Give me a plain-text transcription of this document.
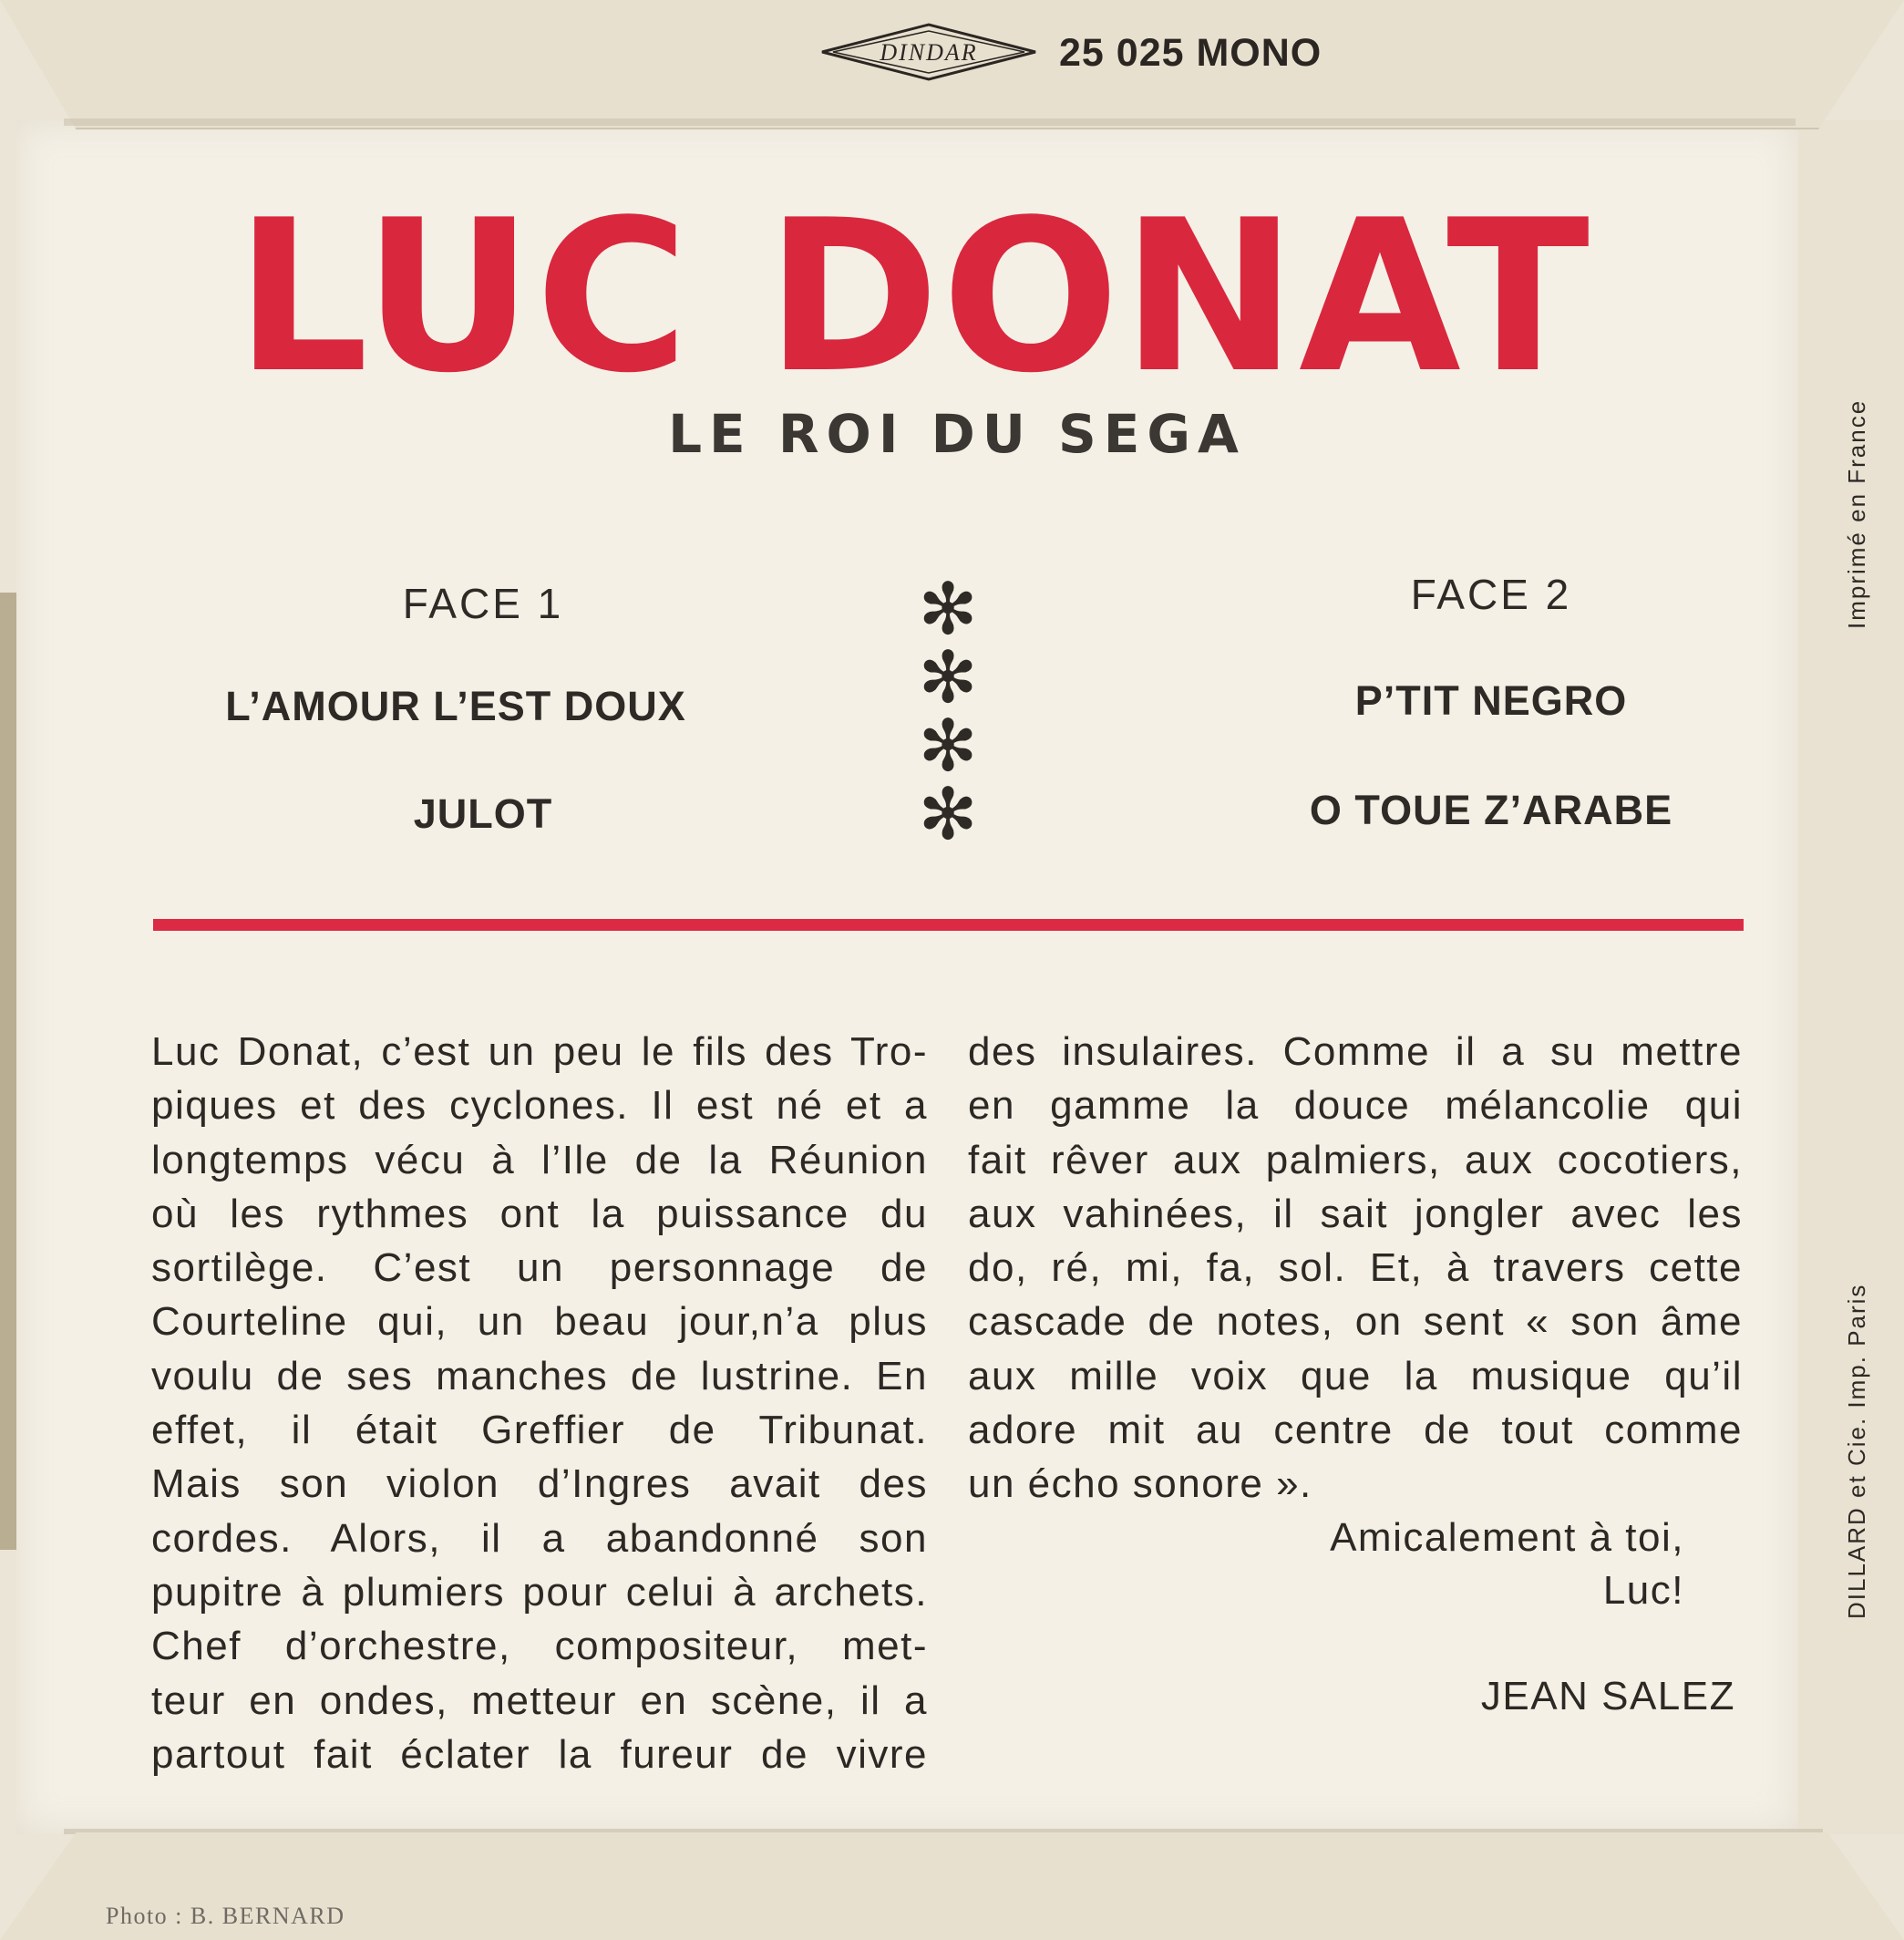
DINDAR 25 025 MONO
LUC DONAT
LE ROI DU SEGA
FACE 1
L’AMOUR L’EST DOUX
JULOT
✻
✻
✻
✻
FACE 2
P’TIT NEGRO
O TOUE Z’ARABE
Luc Donat, c’est un peu le fils des Tro-
piques et des cyclones. Il est né et a
longtemps vécu à l’Ile de la Réunion
où les rythmes ont la puissance du
sortilège. C’est un personnage de
Courteline qui, un beau jour,n’a plus
voulu de ses manches de lustrine. En
effet, il était Greffier de Tribunat.
Mais son violon d’Ingres avait des
cordes. Alors, il a abandonné son
pupitre à plumiers pour celui à archets.
Chef d’orchestre, compositeur, met-
teur en ondes, metteur en scène, il a
partout fait éclater la fureur de vivre
des insulaires. Comme il a su mettre
en gamme la douce mélancolie qui
fait rêver aux palmiers, aux cocotiers,
aux vahinées, il sait jongler avec les
do, ré, mi, fa, sol. Et, à travers cette
cascade de notes, on sent « son âme
aux mille voix que la musique qu’il
adore mit au centre de tout comme
un écho sonore ».
Amicalement à toi,
Luc!
JEAN SALEZ
Imprimé en France
DILLARD et Cie. Imp. Paris
Photo : B. BERNARD
